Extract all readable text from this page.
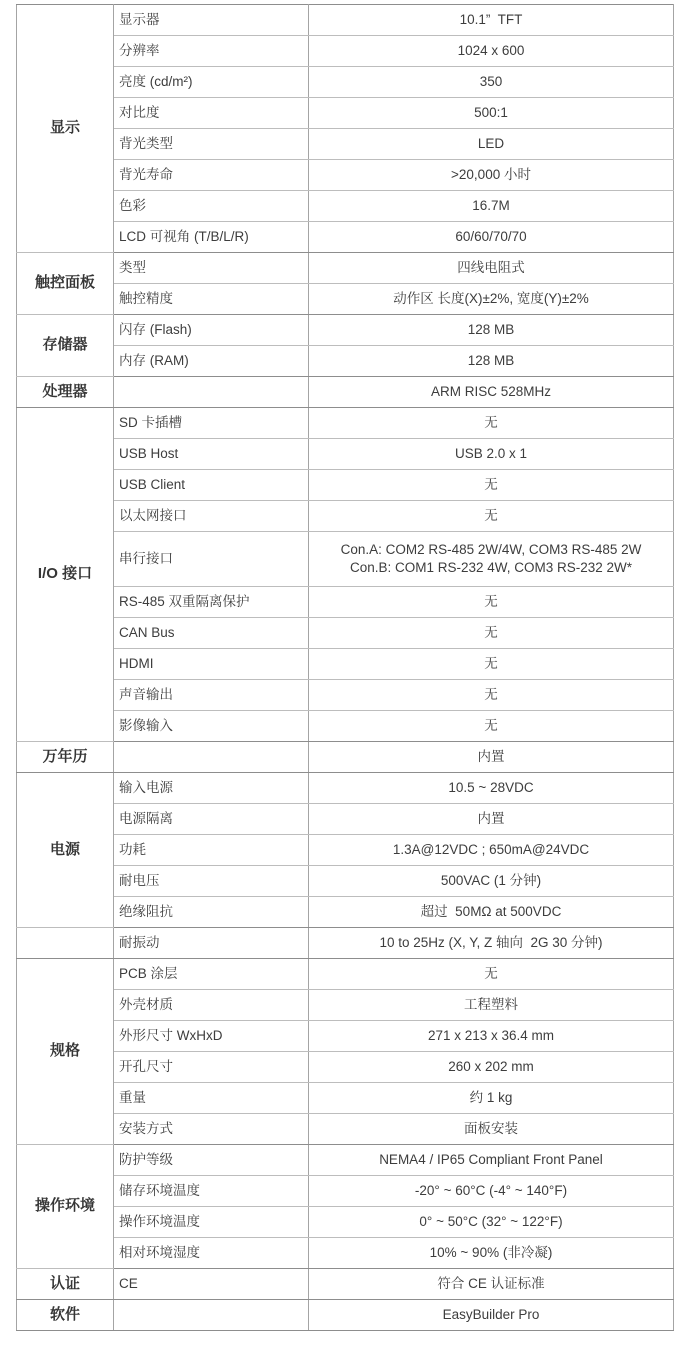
显示	显示器	10.1”  TFT
	分辨率	1024 x 600
	亮度 (cd/m²)	350
	对比度	500:1
	背光类型	LED
	背光寿命	>20,000 小时
	色彩	16.7M
	LCD 可视角 (T/B/L/R)	60/60/70/70
触控面板	类型	四线电阻式
	触控精度	动作区 长度(X)±2%, 宽度(Y)±2%
存储器	闪存 (Flash)	128 MB
	内存 (RAM)	128 MB
处理器		ARM RISC 528MHz
I/O 接口	SD 卡插槽	无
	USB Host	USB 2.0 x 1
	USB Client	无
	以太网接口	无
	串行接口	Con.A: COM2 RS-485 2W/4W, COM3 RS-485 2W
Con.B: COM1 RS-232 4W, COM3 RS-232 2W*

	RS-485 双重隔离保护	无
	CAN Bus	无
	HDMI	无
	声音输出	无
	影像输入	无
万年历		内置
电源	输入电源	10.5 ~ 28VDC
	电源隔离	内置
	功耗	1.3A@12VDC ; 650mA@24VDC
	耐电压	500VAC (1 分钟)
	绝缘阻抗	超过  50MΩ at 500VDC
	耐振动	10 to 25Hz (X, Y, Z 轴向  2G 30 分钟)
规格	PCB 涂层	无
	外壳材质	工程塑料
	外形尺寸 WxHxD	271 x 213 x 36.4 mm
	开孔尺寸	260 x 202 mm
	重量	约 1 kg
	安装方式	面板安装
操作环境	防护等级	NEMA4 / IP65 Compliant Front Panel
	储存环境温度	-20° ~ 60°C (-4° ~ 140°F)
	操作环境温度	0° ~ 50°C (32° ~ 122°F)
	相对环境湿度	10% ~ 90% (非冷凝)
认证	CE	符合 CE 认证标准
软件		EasyBuilder Pro
